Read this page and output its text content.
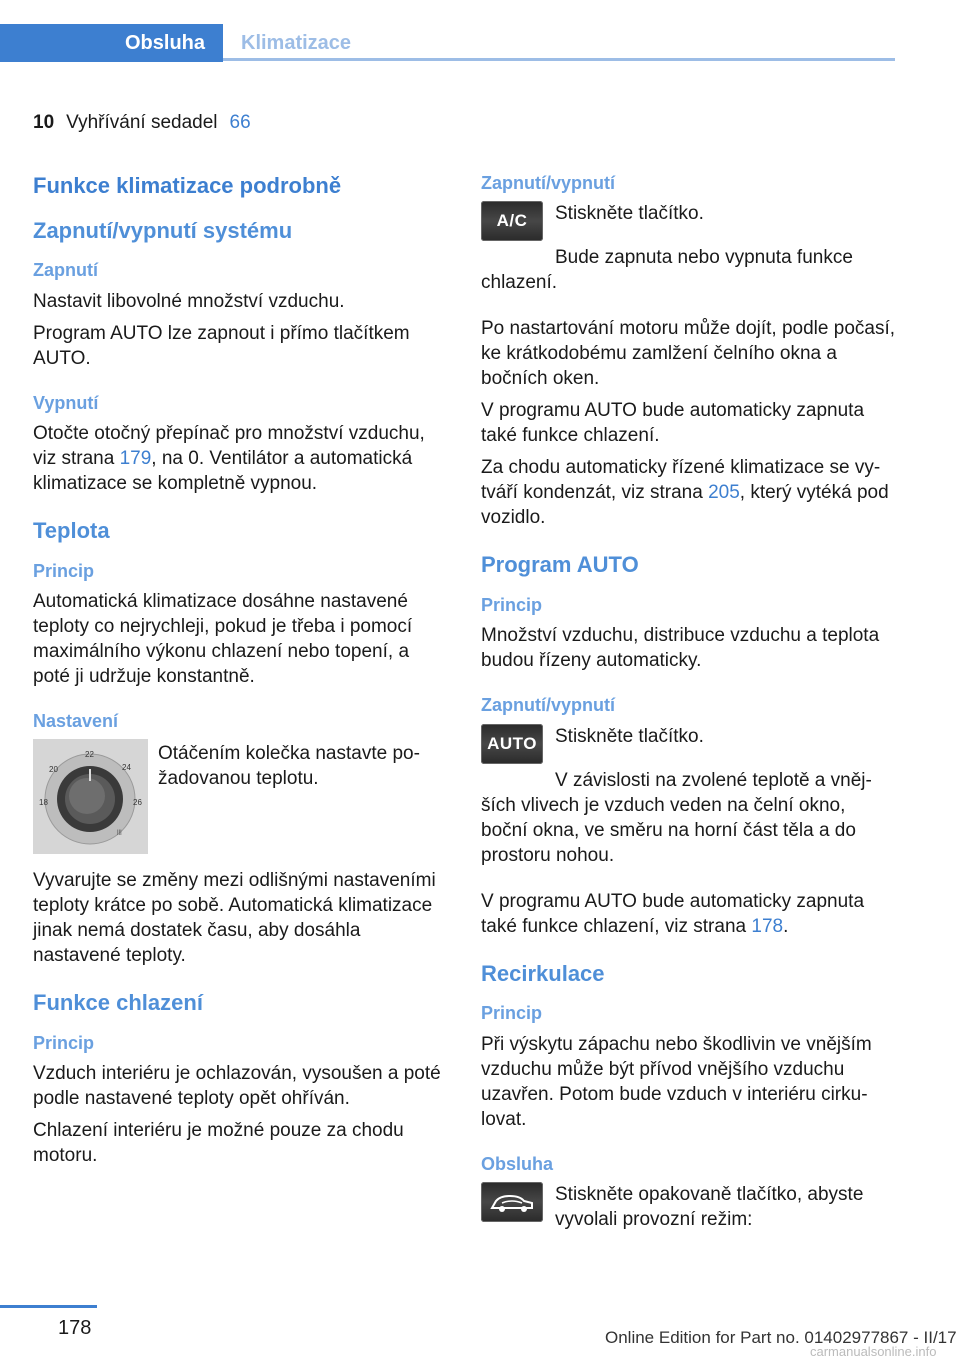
Obsluha Klimatizace
10 Vyhřívání sedadel 66
Funkce klimatizace podrobně
Zapnutí/vypnutí systému
Zapnutí

Nastavit libovolné množství vzduchu.

Program AUTO lze zapnout i přímo tlačítkem AUTO.

Vypnutí

Otočte otočný přepínač pro množství vzduchu, viz strana 179, na 0. Ventilátor a automatická klimatizace se kompletně vypnou.

Teplota
Princip

Automatická klimatizace dosáhne nastavené teploty co nejrychleji, pokud je třeba i pomocí maximálního výkonu chlazení nebo topení, a poté ji udržuje konstantně.

Nastavení
20
22
24
18	26
lll

Otáčením kolečka nastavte požadovanou teplotu.

Vyvarujte se změny mezi odlišnými nastaveními teploty krátce po sobě. Automatická klimatizace jinak nemá dostatek času, aby dosáhla nastavené teploty.

Funkce chlazení
Princip

Vzduch interiéru je ochlazován, vysoušen a poté podle nastavené teploty opět ohříván.

Chlazení interiéru je možné pouze za chodu motoru.

Zapnutí/vypnutí
A/C	Stiskněte tlačítko.

Bude zapnuta nebo vypnuta funkce chlazení.

Po nastartování motoru může dojít, podle počasí, ke krátkodobému zamlžení čelního okna a bočních oken.

V programu AUTO bude automaticky zapnuta také funkce chlazení.

Za chodu automaticky řízené klimatizace se vytváří kondenzát, viz strana 205, který vytéká pod vozidlo.

Program AUTO
Princip

Množství vzduchu, distribuce vzduchu a teplota budou řízeny automaticky.

Zapnutí/vypnutí
AUTO Stiskněte tlačítko.

V závislosti na zvolené teplotě a vnějších vlivech je vzduch veden na čelní okno, boční okna, ve směru na horní část těla a do prostoru nohou.

V programu AUTO bude automaticky zapnuta také funkce chlazení, viz strana 178.

Recirkulace
Princip

Při výskytu zápachu nebo škodlivin ve vnějším vzduchu může být přívod vnějšího vzduchu uzavřen. Potom bude vzduch v interiéru cirkulovat.

Obsluha

Stiskněte opakovaně tlačítko, abyste vyvolali provozní režim:

178	Online Edition for Part no. 01402977867 - II/17
carmanualsonline.info
